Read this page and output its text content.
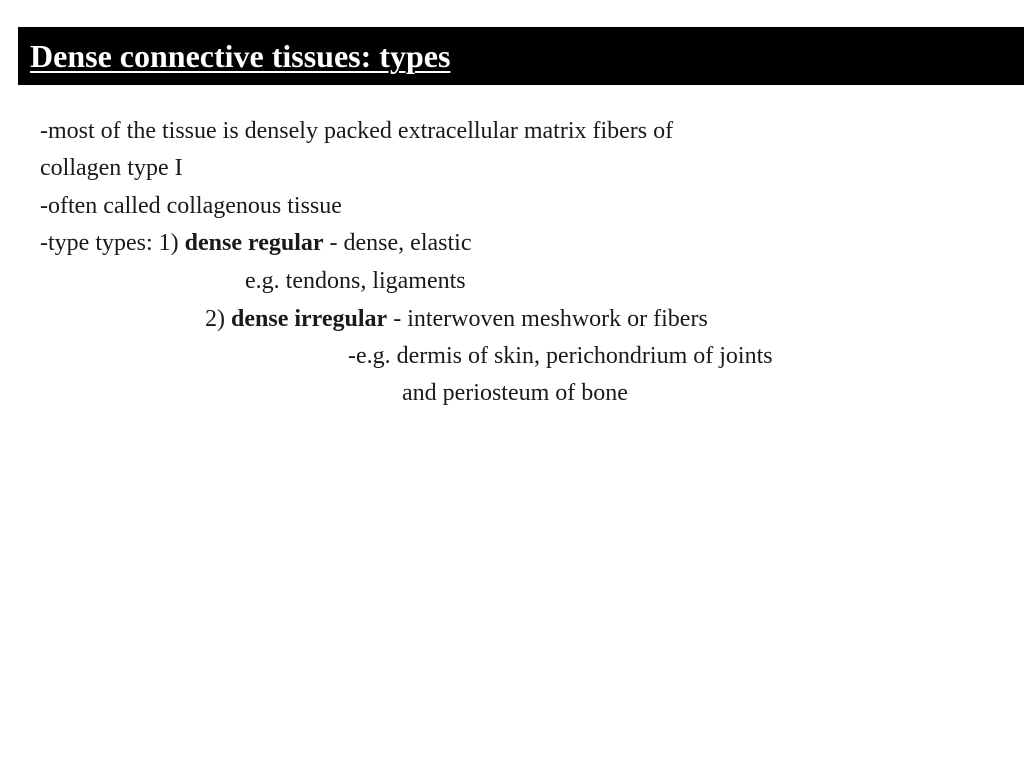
Dense connective tissues: types
-most of the tissue is densely packed extracellular matrix fibers of
collagen type I
-often called collagenous tissue
-type types: 1) dense regular - dense, elastic
e.g. tendons, ligaments
2) dense irregular - interwoven meshwork or fibers
-e.g. dermis of skin, perichondrium of joints
and periosteum of bone
